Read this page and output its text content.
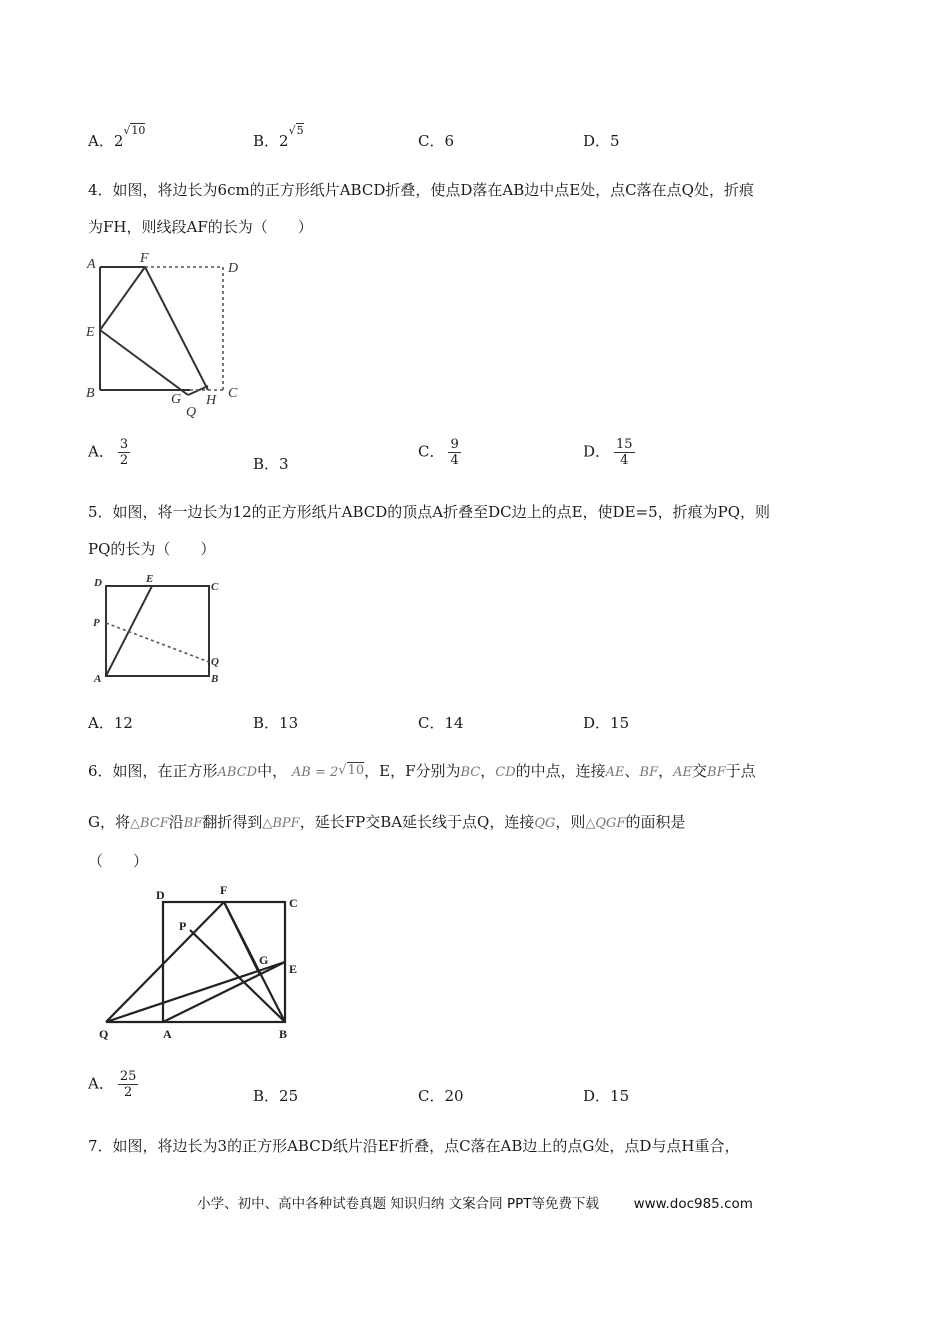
A．$2^{√10}$
B．$2^{√5}$
C．6	D．5
4．如图，将边长为6cm的正方形纸片ABCD折叠，使点D落在AB边中点E处，点C落在点Q处，折痕
为FH，则线段AF的长为（　　）
A	F
D
E
B	G
Q
H C
A． $\frac{3}{2}$	B．3
C． $\frac{9}{4}$	D． $\frac{15}{4}$
5．如图，将一边长为12的正方形纸片ABCD的顶点A折叠至DC边上的点E，使DE=5，折痕为PQ，则
PQ的长为（　　）
D	E
C
P
Q
A	B
A．12	B．13	C．14	D．15
6．如图，在正方形ABCD中， AB = 2√10，E，F分别为BC，CD的中点，连接AE、BF，AE交BF于点
G，将△BCF沿BF翻折得到△BPF，延长FP交BA延长线于点Q，连接QG，则△QGF的面积是
（　　）
D	F
C
P
G
E
Q	A	B
A． $\frac{25}{2}$	B．25	C．20	D．15
7．如图，将边长为3的正方形ABCD纸片沿EF折叠，点C落在AB边上的点G处，点D与点H重合，
小学、初中、高中各种试卷真题 知识归纳 文案合同 PPT等免费下载	www.doc985.com
